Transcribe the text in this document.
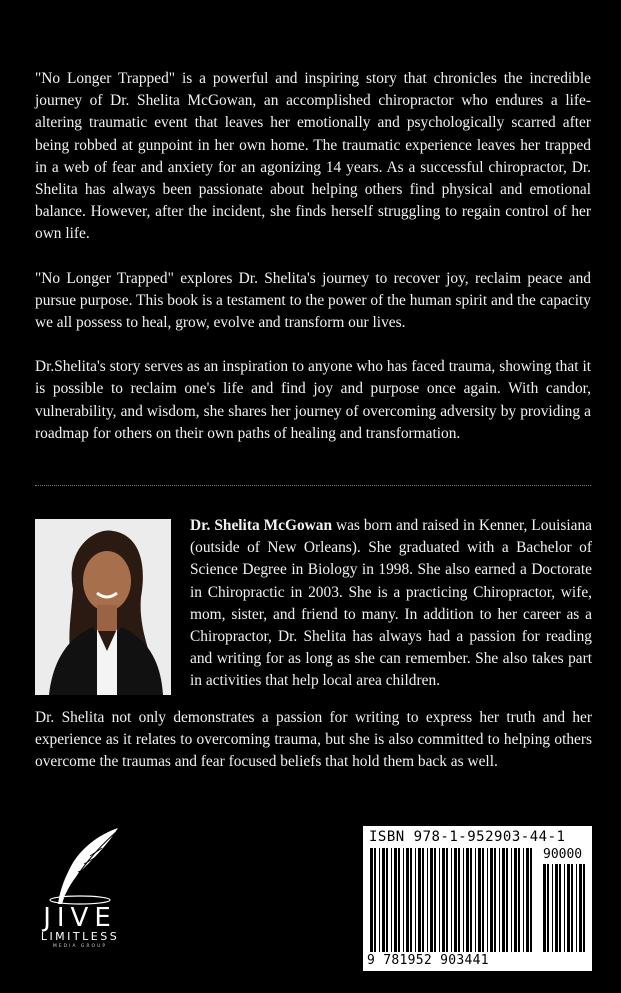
"No Longer Trapped" is a powerful and inspiring story that chronicles the incredible journey of Dr. Shelita McGowan, an accomplished chiropractor who endures a life-altering traumatic event that leaves her emotionally and psychologically scarred after being robbed at gunpoint in her own home. The traumatic experience leaves her trapped in a web of fear and anxiety for an agonizing 14 years. As a successful chiropractor, Dr. Shelita has always been passionate about helping others find physical and emotional balance. However, after the incident, she finds herself struggling to regain control of her own life.

"No Longer Trapped" explores Dr. Shelita's journey to recover joy, reclaim peace and pursue purpose. This book is a testament to the power of the human spirit and the capacity we all possess to heal, grow, evolve and transform our lives.

Dr.Shelita's story serves as an inspiration to anyone who has faced trauma, showing that it is possible to reclaim one's life and find joy and purpose once again. With candor, vulnerability, and wisdom, she shares her journey of overcoming adversity by providing a roadmap for others on their own paths of healing and transformation.

Dr. Shelita McGowan was born and raised in Kenner, Louisiana (outside of New Orleans). She graduated with a Bachelor of Science Degree in Biology in 1998. She also earned a Doctorate in Chiropractic in 2003. She is a practicing Chiropractor, wife, mom, sister, and friend to many. In addition to her career as a Chiropractor, Dr. Shelita has always had a passion for reading and writing for as long as she can remember. She also takes part in activities that help local area children.
Dr. Shelita not only demonstrates a passion for writing to express her truth and her experience as it relates to overcoming trauma, but she is also committed to helping others overcome the traumas and fear focused beliefs that hold them back as well.
JIVE
LIMITLESS
MEDIA GROUP
ISBN 978-1-952903-44-1
90000
9 781952 903441
